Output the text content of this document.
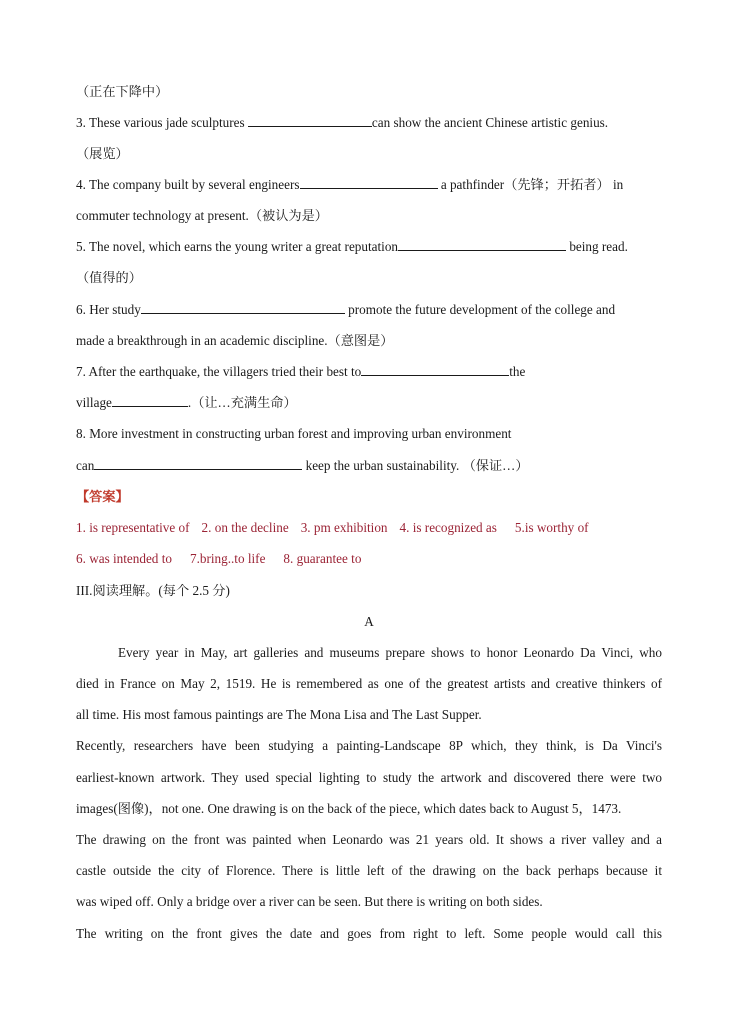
（正在下降中）
3. These various jade sculptures	can show the ancient Chinese artistic genius.
（展览）
4. The company built by several engineers	a pathfinder（先锋；开拓者） in
commuter technology at present.（被认为是）
5. The novel, which earns the young writer a great reputation	being read.
（值得的）
6. Her study	promote the future development of the college and
made a breakthrough in an academic discipline.（意图是）
7. After the earthquake, the villagers tried their best to	the
village	.（让…充满生命）
8. More investment in constructing urban forest and improving urban environment
can	keep the urban sustainability. （保证…）
【答案】
1. is representative of 2. on the decline 3. pm exhibition 4. is recognized as 5.is worthy of
6. was intended to 7.bring..to life 8. guarantee to
III.阅读理解。(每个 2.5 分)
A
Every year in May, art galleries and museums prepare shows to honor Leonardo Da Vinci, who
died in France on May 2, 1519. He is remembered as one of the greatest artists and creative thinkers of
all time. His most famous paintings are The Mona Lisa and The Last Supper.
Recently, researchers have been studying a painting-Landscape 8P which, they think, is Da Vinci's
earliest-known artwork. They used special lighting to study the artwork and discovered there were two
images(图像)，not one. One drawing is on the back of the piece, which dates back to August 5，1473.
The drawing on the front was painted when Leonardo was 21 years old. It shows a river valley and a
castle outside the city of Florence. There is little left of the drawing on the back perhaps because it
was wiped off. Only a bridge over a river can be seen. But there is writing on both sides.
The writing on the front gives the date and goes from right to left. Some people would call this
